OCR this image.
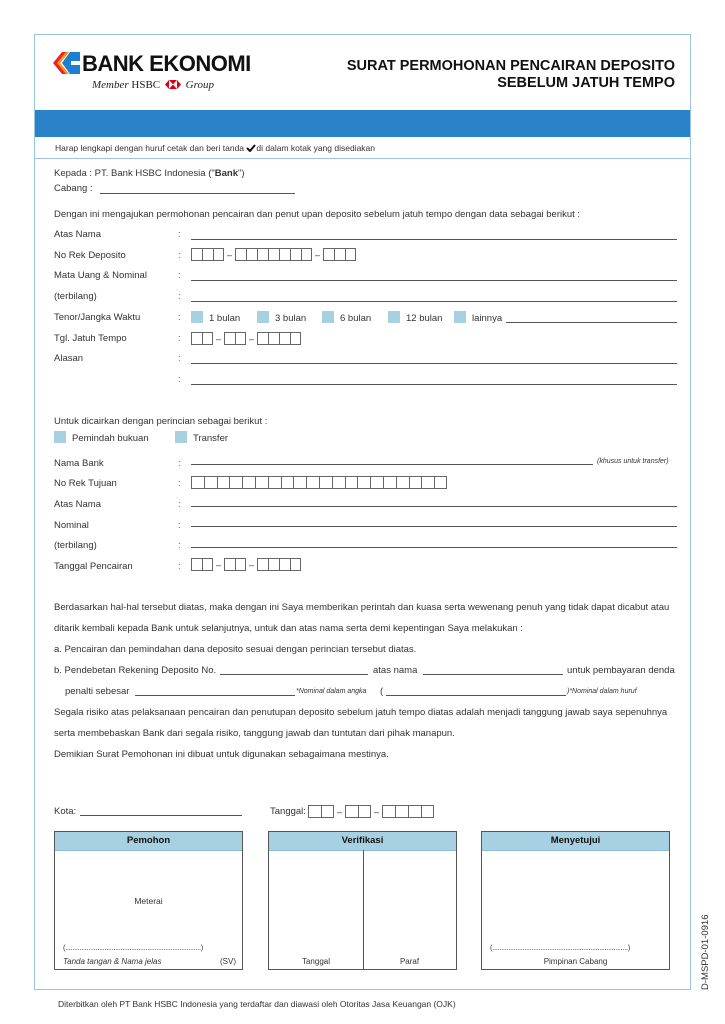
BANK EKONOMI
Member HSBC Group
SURAT PERMOHONAN PENCAIRAN DEPOSITO
SEBELUM JATUH TEMPO
Harap lengkapi dengan huruf cetak dan beri tanda di dalam kotak yang disediakan
Kepada : PT. Bank HSBC Indonesia ("Bank")
Cabang :
Dengan ini mengajukan permohonan pencairan dan penut upan deposito sebelum jatuh tempo dengan data sebagai berikut :
Atas Nama	:
No Rek Deposito	:	–	–
Mata Uang & Nominal	:
(terbilang)	:
Tenor/Jangka Waktu	:	1 bulan	3 bulan	6 bulan	12 bulan	lainnya
Tgl. Jatuh Tempo	:	–	–
Alasan	:
:
Untuk dicairkan dengan perincian sebagai berikut :
Pemindah bukuan	Transfer
Nama Bank	:	(khusus untuk transfer)
No Rek Tujuan	:
Atas Nama	:
Nominal	:
(terbilang)	:
Tanggal Pencairan	:	–	–
Berdasarkan hal-hal tersebut diatas, maka dengan ini Saya memberikan perintah dan kuasa serta wewenang penuh yang tidak dapat dicabut atau
ditarik kembali kepada Bank untuk selanjutnya, untuk dan atas nama serta demi kepentingan Saya melakukan :
a. Pencairan dan pemindahan dana deposito sesuai dengan perincian tersebut diatas.
b. Pendebetan Rekening Deposito No.	atas nama	untuk pembayaran denda
penalti sebesar	*Nominal dalam angka (	)*Nominal dalam huruf
Segala risiko atas pelaksanaan pencairan dan penutupan deposito sebelum jatuh tempo diatas adalah menjadi tanggung jawab saya sepenuhnya
serta membebaskan Bank dari segala risiko, tanggung jawab dan tuntutan dari pihak manapun.
Demikian Surat Pemohonan ini dibuat untuk digunakan sebagaimana mestinya.
Kota:	Tanggal:	–	–
Pemohon
Meterai
(............................................................................)
Tanda tangan & Nama jelas	(SV)
Verifikasi
Tanggal	Paraf
Menyetujui
(............................................................................)
Pimpinan Cabang	D-MSPD-01-0916
Diterbitkan oleh PT Bank HSBC Indonesia yang terdaftar dan diawasi oleh Otoritas Jasa Keuangan (OJK)
